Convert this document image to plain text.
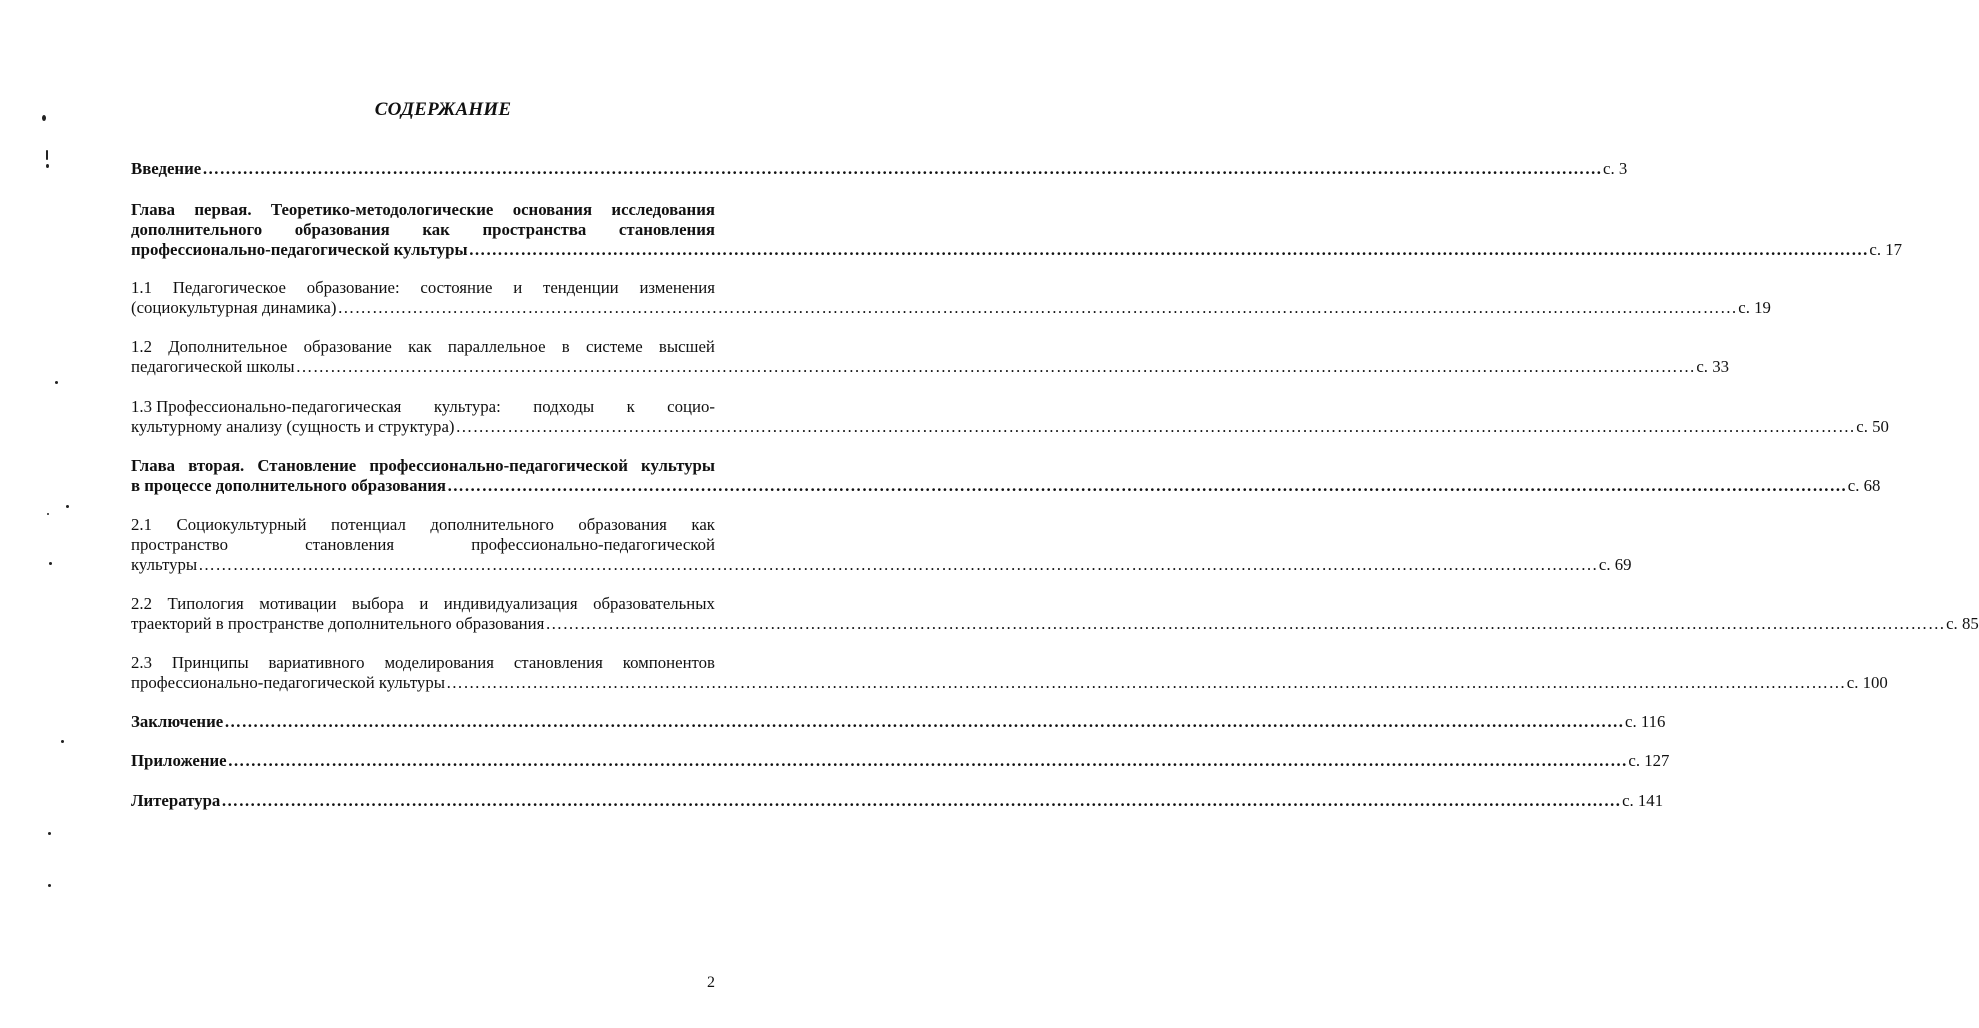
СОДЕРЖАНИЕ
Введение ……………………………………………………………………………………………………………………………………………………………………………………………………………………… с. 3
Глава первая. Теоретико-методологические основания исследования
дополнительного образования как пространства становления
профессионально-педагогической культуры ……………………………………………………………………………………………………………………………………………………………………………………………………………………… с. 17
1.1 Педагогическое образование: состояние и тенденции изменения
(социокультурная динамика) ……………………………………………………………………………………………………………………………………………………………………………………………………………………… с. 19
1.2 Дополнительное образование как параллельное в системе высшей
педагогической школы ……………………………………………………………………………………………………………………………………………………………………………………………………………………… с. 33
1.3 Профессионально-педагогическая культура: подходы к социо-
культурному анализу (сущность и структура) ……………………………………………………………………………………………………………………………………………………………………………………………………………………… с. 50
Глава вторая. Становление профессионально-педагогической культуры
в процессе дополнительного образования ……………………………………………………………………………………………………………………………………………………………………………………………………………………… с. 68
2.1 Социокультурный потенциал дополнительного образования как
пространство	становления	профессионально-педагогической
культуры ……………………………………………………………………………………………………………………………………………………………………………………………………………………… с. 69
2.2 Типология мотивации выбора и индивидуализация образовательных
траекторий в пространстве дополнительного образования ……………………………………………………………………………………………………………………………………………………………………………………………………………………… с. 85
2.3 Принципы вариативного моделирования становления компонентов
профессионально-педагогической культуры ……………………………………………………………………………………………………………………………………………………………………………………………………………………… с. 100
Заключение ……………………………………………………………………………………………………………………………………………………………………………………………………………………… с. 116
Приложение ……………………………………………………………………………………………………………………………………………………………………………………………………………………… с. 127
Литература ……………………………………………………………………………………………………………………………………………………………………………………………………………………… с. 141
2
